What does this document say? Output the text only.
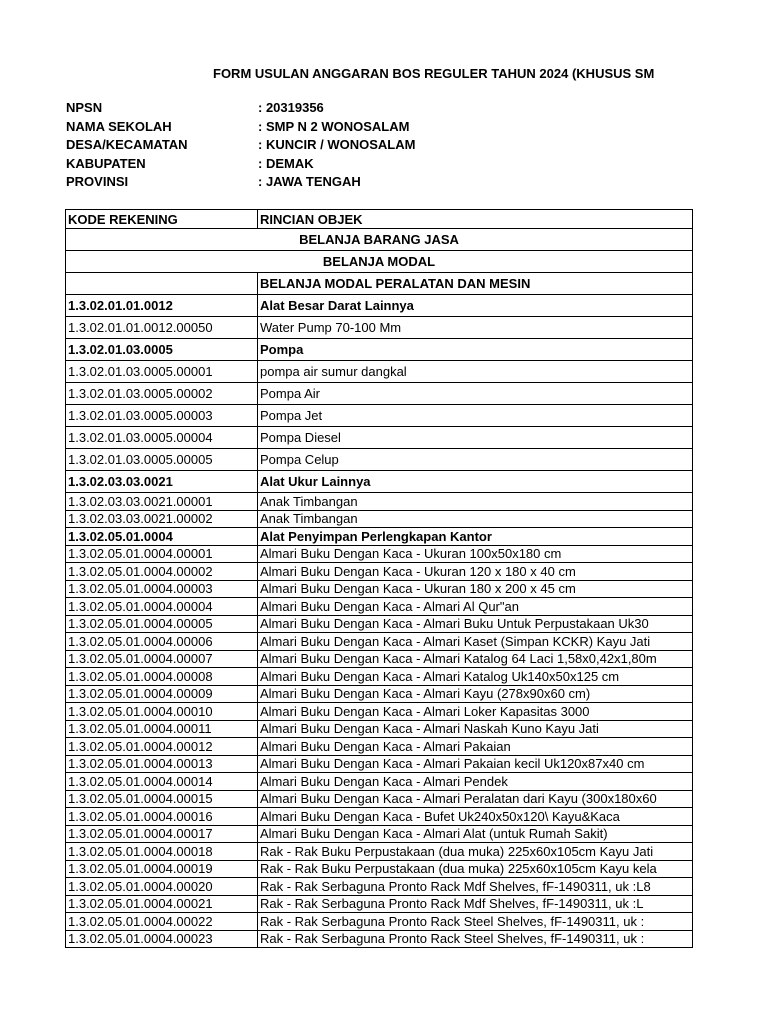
FORM USULAN ANGGARAN BOS REGULER TAHUN 2024 (KHUSUS SM
NPSN	: 20319356
NAMA SEKOLAH	: SMP N 2 WONOSALAM
DESA/KECAMATAN	: KUNCIR / WONOSALAM
KABUPATEN	: DEMAK
PROVINSI	: JAWA TENGAH
KODE REKENING	RINCIAN OBJEK
BELANJA BARANG JASA	
BELANJA MODAL	
	BELANJA MODAL PERALATAN DAN MESIN
1.3.02.01.01.0012	Alat Besar Darat Lainnya
1.3.02.01.01.0012.00050	Water Pump 70-100 Mm
1.3.02.01.03.0005	Pompa
1.3.02.01.03.0005.00001	pompa air sumur dangkal
1.3.02.01.03.0005.00002	Pompa Air
1.3.02.01.03.0005.00003	Pompa Jet
1.3.02.01.03.0005.00004	Pompa Diesel
1.3.02.01.03.0005.00005	Pompa Celup
1.3.02.03.03.0021	Alat Ukur Lainnya
1.3.02.03.03.0021.00001	Anak Timbangan
1.3.02.03.03.0021.00002	Anak Timbangan
1.3.02.05.01.0004	Alat Penyimpan Perlengkapan Kantor
1.3.02.05.01.0004.00001	Almari Buku Dengan Kaca - Ukuran 100x50x180 cm
1.3.02.05.01.0004.00002	Almari Buku Dengan Kaca - Ukuran 120 x 180 x 40 cm
1.3.02.05.01.0004.00003	Almari Buku Dengan Kaca - Ukuran 180 x 200 x 45 cm
1.3.02.05.01.0004.00004	Almari Buku Dengan Kaca - Almari Al Qur"an
1.3.02.05.01.0004.00005	Almari Buku Dengan Kaca - Almari Buku Untuk Perpustakaan Uk30
1.3.02.05.01.0004.00006	Almari Buku Dengan Kaca - Almari Kaset (Simpan KCKR) Kayu Jati
1.3.02.05.01.0004.00007	Almari Buku Dengan Kaca - Almari Katalog 64 Laci 1,58x0,42x1,80m
1.3.02.05.01.0004.00008	Almari Buku Dengan Kaca - Almari Katalog Uk140x50x125 cm
1.3.02.05.01.0004.00009	Almari Buku Dengan Kaca - Almari Kayu (278x90x60 cm)
1.3.02.05.01.0004.00010	Almari Buku Dengan Kaca - Almari Loker Kapasitas 3000
1.3.02.05.01.0004.00011	Almari Buku Dengan Kaca - Almari Naskah Kuno Kayu Jati
1.3.02.05.01.0004.00012	Almari Buku Dengan Kaca - Almari Pakaian
1.3.02.05.01.0004.00013	Almari Buku Dengan Kaca - Almari Pakaian kecil Uk120x87x40 cm
1.3.02.05.01.0004.00014	Almari Buku Dengan Kaca - Almari Pendek
1.3.02.05.01.0004.00015	Almari Buku Dengan Kaca - Almari Peralatan dari Kayu (300x180x60
1.3.02.05.01.0004.00016	Almari Buku Dengan Kaca - Bufet Uk240x50x120\ Kayu&Kaca
1.3.02.05.01.0004.00017	Almari Buku Dengan Kaca - Almari Alat (untuk Rumah Sakit)
1.3.02.05.01.0004.00018	Rak - Rak Buku Perpustakaan (dua muka) 225x60x105cm Kayu Jati
1.3.02.05.01.0004.00019	Rak - Rak Buku Perpustakaan (dua muka) 225x60x105cm Kayu kela
1.3.02.05.01.0004.00020	Rak - Rak Serbaguna Pronto Rack Mdf Shelves, fF-1490311, uk :L8
1.3.02.05.01.0004.00021	Rak - Rak Serbaguna Pronto Rack Mdf Shelves, fF-1490311, uk :L
1.3.02.05.01.0004.00022	Rak - Rak Serbaguna Pronto Rack Steel Shelves, fF-1490311, uk :
1.3.02.05.01.0004.00023	Rak - Rak Serbaguna Pronto Rack Steel Shelves, fF-1490311, uk :
